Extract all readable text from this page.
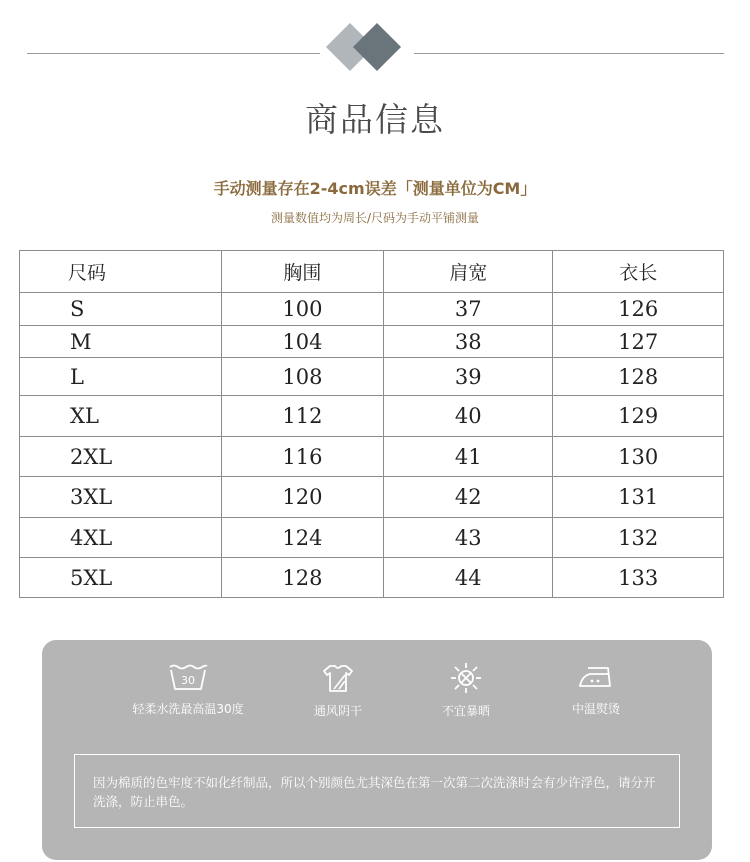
商品信息
手动测量存在2-4cm误差「测量单位为CM」
测量数值均为周长/尺码为手动平铺测量
尺码	胸围	肩宽	衣长
S	100	37	126
M	104	38	127
L	108	39	128
XL	112	40	129
2XL	116	41	130
3XL	120	42	131
4XL	124	43	132
5XL	128	44	133
30
轻柔水洗最高温30度	通风阴干	不宜暴晒	中温熨烫
因为棉质的色牢度不如化纤制品，所以个别颜色尤其深色在第一次第二次洗涤时会有少许浮色，请分开洗涤，防止串色。
